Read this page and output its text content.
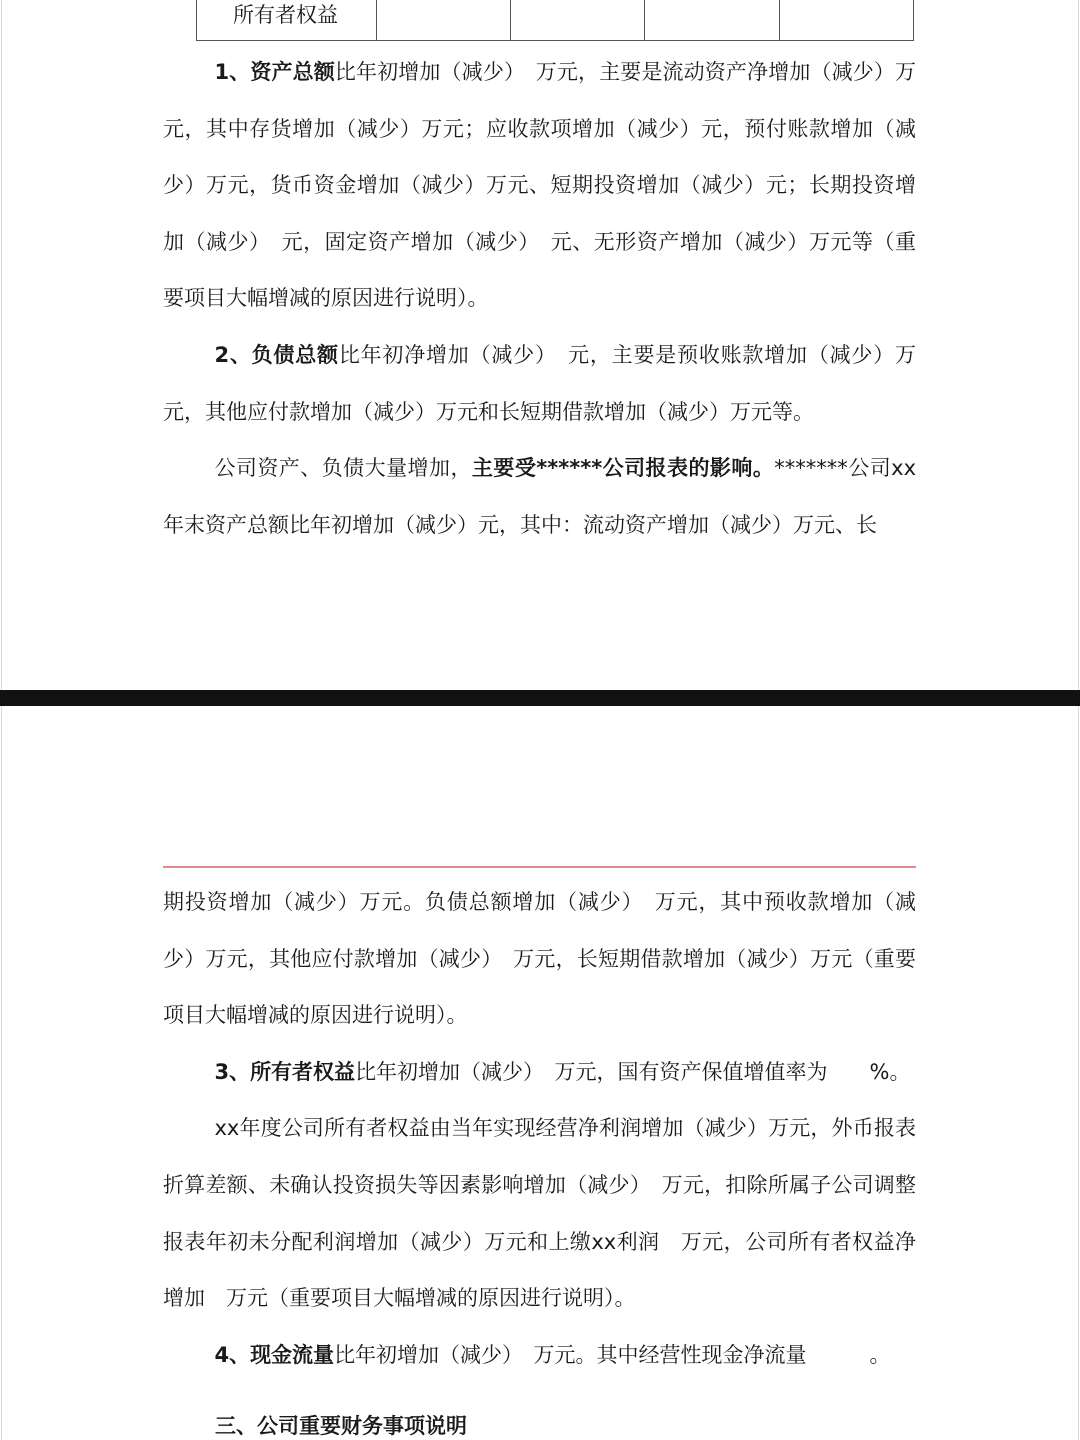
所有者权益

1、资产总额比年初增加（减少）　万元，主要是流动资产净增加（减少）万元，其中存货增加（减少）万元；应收款项增加（减少）元，预付账款增加（减少）万元，货币资金增加（减少）万元、短期投资增加（减少）元；长期投资增加（减少）　元，固定资产增加（减少）　元、无形资产增加（减少）万元等（重要项目大幅增减的原因进行说明）。

2、负债总额比年初净增加（减少）　元，主要是预收账款增加（减少）万元，其他应付款增加（减少）万元和长短期借款增加（减少）万元等。

公司资产、负债大量增加，主要受******公司报表的影响。*******公司xx年末资产总额比年初增加（减少）元，其中：流动资产增加（减少）万元、长

期投资增加（减少）万元。负债总额增加（减少）　万元，其中预收款增加（减少）万元，其他应付款增加（减少）　万元，长短期借款增加（减少）万元（重要项目大幅增减的原因进行说明）。

3、所有者权益比年初增加（减少）　万元，国有资产保值增值率为　　%。

xx年度公司所有者权益由当年实现经营净利润增加（减少）万元，外币报表折算差额、未确认投资损失等因素影响增加（减少）　万元，扣除所属子公司调整报表年初未分配利润增加（减少）万元和上缴xx利润　万元，公司所有者权益净增加　万元（重要项目大幅增减的原因进行说明）。

4、现金流量比年初增加（减少）　万元。其中经营性现金净流量　　　。

三、公司重要财务事项说明
